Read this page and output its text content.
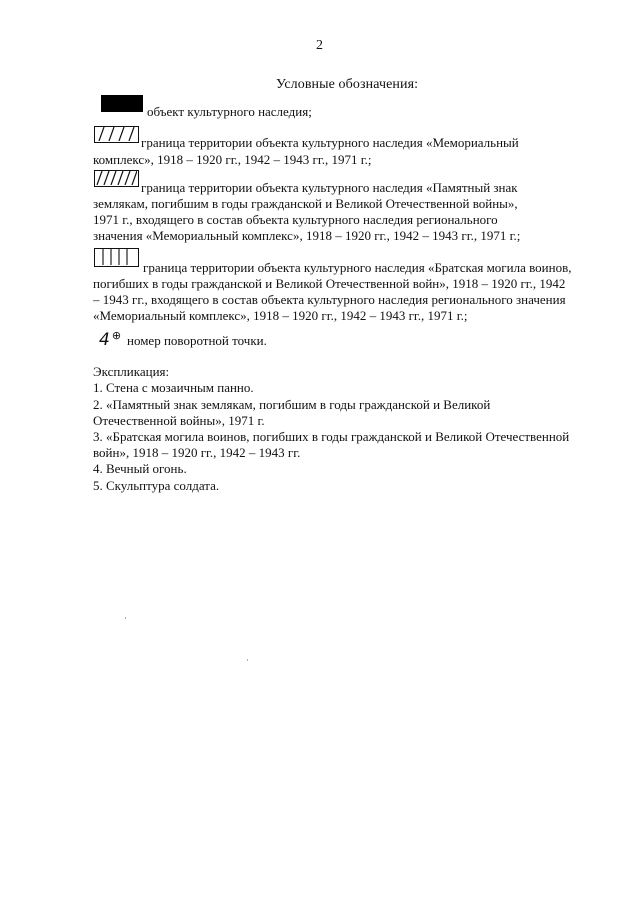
2
Условные обозначения:
объект культурного наследия;
граница территории объекта культурного наследия «Мемориальный
комплекс», 1918 – 1920 гг., 1942 – 1943 гг., 1971 г.;
граница территории объекта культурного наследия «Памятный знак
землякам, погибшим в годы гражданской и Великой Отечественной войны»,
1971 г., входящего в состав объекта культурного наследия регионального
значения «Мемориальный комплекс», 1918 – 1920 гг., 1942 – 1943 гг., 1971 г.;
граница территории объекта культурного наследия «Братская могила воинов,
погибших в годы гражданской и Великой Отечественной войн», 1918 – 1920 гг., 1942
– 1943 гг., входящего в состав объекта культурного наследия регионального значения
«Мемориальный комплекс», 1918 – 1920 гг., 1942 – 1943 гг., 1971 г.;
4 ⊕ номер поворотной точки.
Экспликация:
1. Стена с мозаичным панно.
2. «Памятный знак землякам, погибшим в годы гражданской и Великой
Отечественной войны», 1971 г.
3. «Братская могила воинов, погибших в годы гражданской и Великой Отечественной
войн», 1918 – 1920 гг., 1942 – 1943 гг.
4. Вечный огонь.
5. Скульптура солдата.
